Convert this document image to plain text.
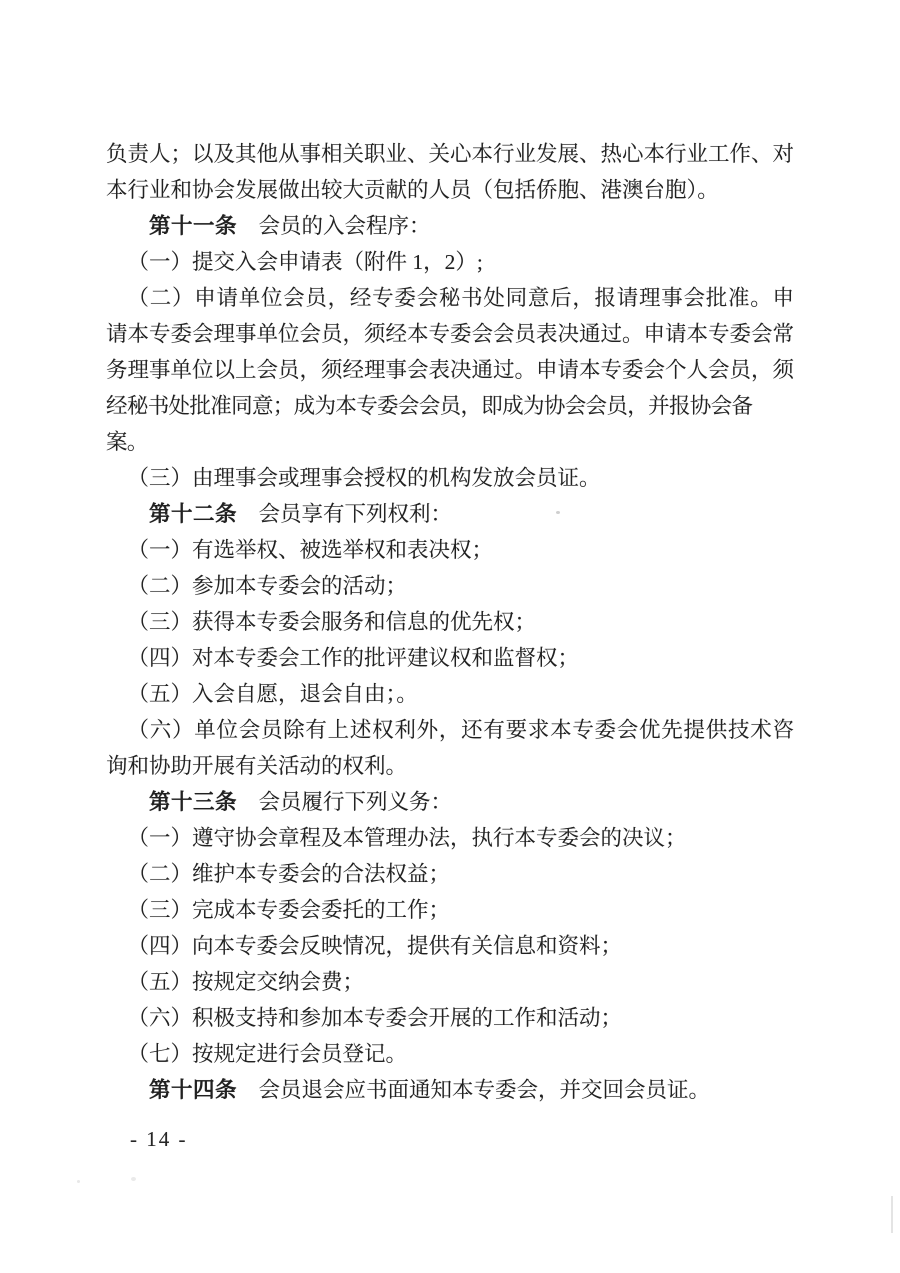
负责人；以及其他从事相关职业、关心本行业发展、热心本行业工作、对
本行业和协会发展做出较大贡献的人员（包括侨胞、港澳台胞）。
第十一条 会员的入会程序：
（一）提交入会申请表（附件 1，2）;
（二）申请单位会员，经专委会秘书处同意后，报请理事会批准。申
请本专委会理事单位会员，须经本专委会会员表决通过。申请本专委会常
务理事单位以上会员，须经理事会表决通过。申请本专委会个人会员，须
经秘书处批准同意；成为本专委会会员，即成为协会会员，并报协会备案。
（三）由理事会或理事会授权的机构发放会员证。
第十二条 会员享有下列权利：
（一）有选举权、被选举权和表决权；
（二）参加本专委会的活动；
（三）获得本专委会服务和信息的优先权；
（四）对本专委会工作的批评建议权和监督权；
（五）入会自愿，退会自由；。
（六）单位会员除有上述权利外，还有要求本专委会优先提供技术咨
询和协助开展有关活动的权利。
第十三条 会员履行下列义务：
（一）遵守协会章程及本管理办法，执行本专委会的决议；
（二）维护本专委会的合法权益；
（三）完成本专委会委托的工作；
（四）向本专委会反映情况，提供有关信息和资料；
（五）按规定交纳会费；
（六）积极支持和参加本专委会开展的工作和活动；
（七）按规定进行会员登记。
第十四条 会员退会应书面通知本专委会，并交回会员证。
- 14 -
